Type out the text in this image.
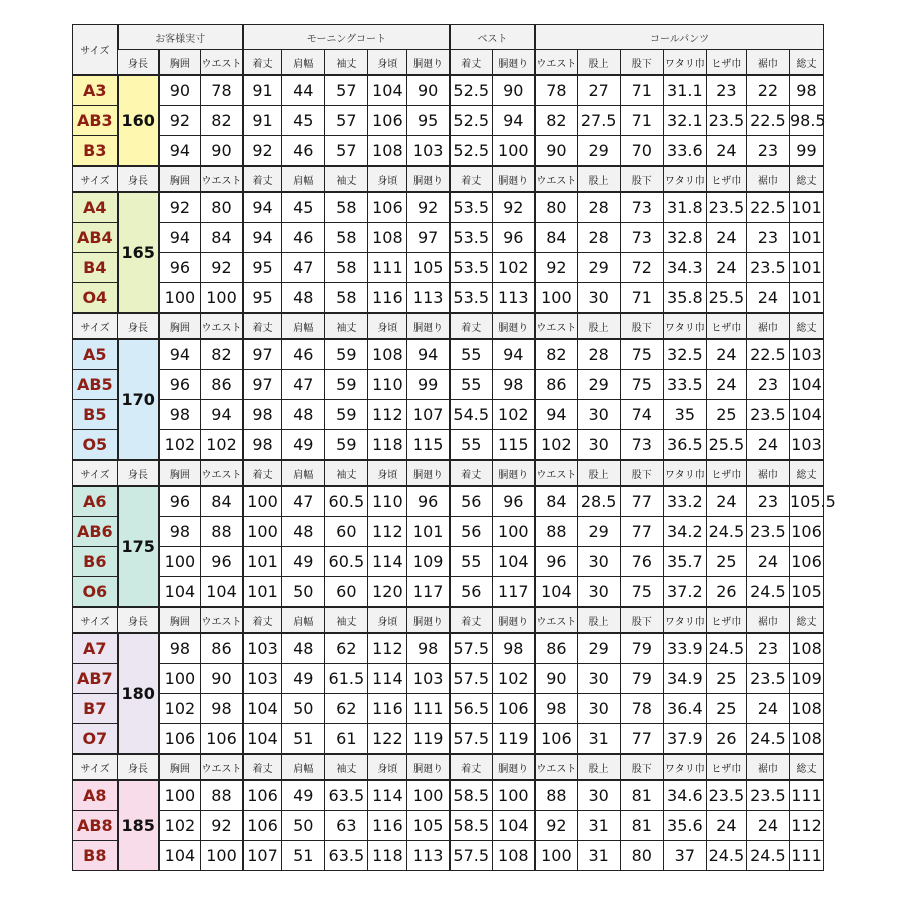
サイズ	お客様実寸			モーニングコート					ベスト		コールパンツ						
	身長	胸囲	ウエスト	着丈	肩幅	袖丈	身頃	胴廻り	着丈	胴廻り	ウエスト	股上	股下	ワタリ巾	ヒザ巾	裾巾	総丈
A3	160	90	78	91	44	57	104	90	52.5	90	78	27	71	31.1	23	22	98
AB3		92	82	91	45	57	106	95	52.5	94	82	27.5	71	32.1	23.5	22.5	98.5
B3		94	90	92	46	57	108	103	52.5	100	90	29	70	33.6	24	23	99
サイズ	身長	胸囲	ウエスト	着丈	肩幅	袖丈	身頃	胴廻り	着丈	胴廻り	ウエスト	股上	股下	ワタリ巾	ヒザ巾	裾巾	総丈
A4	165	92	80	94	45	58	106	92	53.5	92	80	28	73	31.8	23.5	22.5	101
AB4		94	84	94	46	58	108	97	53.5	96	84	28	73	32.8	24	23	101
B4		96	92	95	47	58	111	105	53.5	102	92	29	72	34.3	24	23.5	101
O4		100	100	95	48	58	116	113	53.5	113	100	30	71	35.8	25.5	24	101
サイズ	身長	胸囲	ウエスト	着丈	肩幅	袖丈	身頃	胴廻り	着丈	胴廻り	ウエスト	股上	股下	ワタリ巾	ヒザ巾	裾巾	総丈
A5	170	94	82	97	46	59	108	94	55	94	82	28	75	32.5	24	22.5	103
AB5		96	86	97	47	59	110	99	55	98	86	29	75	33.5	24	23	104
B5		98	94	98	48	59	112	107	54.5	102	94	30	74	35	25	23.5	104
O5		102	102	98	49	59	118	115	55	115	102	30	73	36.5	25.5	24	103
サイズ	身長	胸囲	ウエスト	着丈	肩幅	袖丈	身頃	胴廻り	着丈	胴廻り	ウエスト	股上	股下	ワタリ巾	ヒザ巾	裾巾	総丈
A6	175	96	84	100	47	60.5	110	96	56	96	84	28.5	77	33.2	24	23	105.5
AB6		98	88	100	48	60	112	101	56	100	88	29	77	34.2	24.5	23.5	106
B6		100	96	101	49	60.5	114	109	55	104	96	30	76	35.7	25	24	106
O6		104	104	101	50	60	120	117	56	117	104	30	75	37.2	26	24.5	105
サイズ	身長	胸囲	ウエスト	着丈	肩幅	袖丈	身頃	胴廻り	着丈	胴廻り	ウエスト	股上	股下	ワタリ巾	ヒザ巾	裾巾	総丈
A7	180	98	86	103	48	62	112	98	57.5	98	86	29	79	33.9	24.5	23	108
AB7		100	90	103	49	61.5	114	103	57.5	102	90	30	79	34.9	25	23.5	109
B7		102	98	104	50	62	116	111	56.5	106	98	30	78	36.4	25	24	108
O7		106	106	104	51	61	122	119	57.5	119	106	31	77	37.9	26	24.5	108
サイズ	身長	胸囲	ウエスト	着丈	肩幅	袖丈	身頃	胴廻り	着丈	胴廻り	ウエスト	股上	股下	ワタリ巾	ヒザ巾	裾巾	総丈
A8	185	100	88	106	49	63.5	114	100	58.5	100	88	30	81	34.6	23.5	23.5	111
AB8		102	92	106	50	63	116	105	58.5	104	92	31	81	35.6	24	24	112
B8		104	100	107	51	63.5	118	113	57.5	108	100	31	80	37	24.5	24.5	111
